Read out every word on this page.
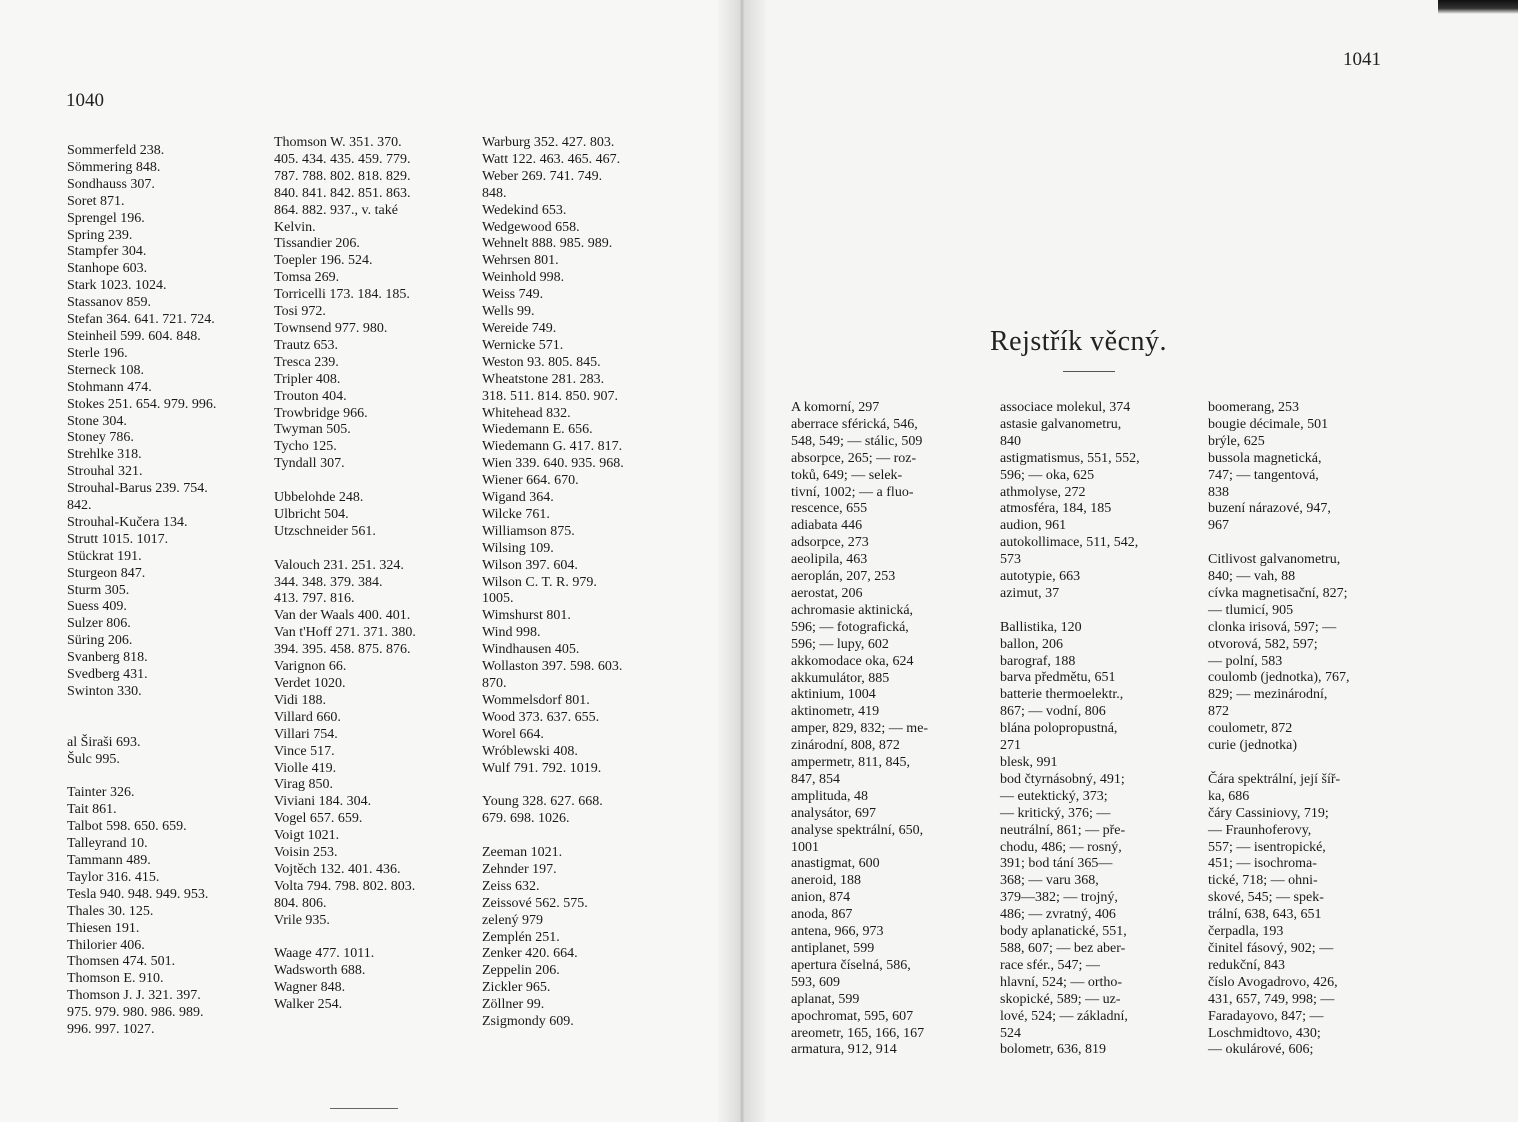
1040
1041
Sommerfeld 238.
Sömmering 848.
Sondhauss 307.
Soret 871.
Sprengel 196.
Spring 239.
Stampfer 304.
Stanhope 603.
Stark 1023. 1024.
Stassanov 859.
Stefan 364. 641. 721. 724.
Steinheil 599. 604. 848.
Sterle 196.
Sterneck 108.
Stohmann 474.
Stokes 251. 654. 979. 996.
Stone 304.
Stoney 786.
Strehlke 318.
Strouhal 321.
Strouhal-Barus 239. 754.
842.
Strouhal-Kučera 134.
Strutt 1015. 1017.
Stückrat 191.
Sturgeon 847.
Sturm 305.
Suess 409.
Sulzer 806.
Süring 206.
Svanberg 818.
Svedberg 431.
Swinton 330.
al Širaši 693.
Šulc 995.
Tainter 326.
Tait 861.
Talbot 598. 650. 659.
Talleyrand 10.
Tammann 489.
Taylor 316. 415.
Tesla 940. 948. 949. 953.
Thales 30. 125.
Thiesen 191.
Thilorier 406.
Thomsen 474. 501.
Thomson E. 910.
Thomson J. J. 321. 397.
975. 979. 980. 986. 989.
996. 997. 1027.
Thomson W. 351. 370.
405. 434. 435. 459. 779.
787. 788. 802. 818. 829.
840. 841. 842. 851. 863.
864. 882. 937., v. také
Kelvin.
Tissandier 206.
Toepler 196. 524.
Tomsa 269.
Torricelli 173. 184. 185.
Tosi 972.
Townsend 977. 980.
Trautz 653.
Tresca 239.
Tripler 408.
Trouton 404.
Trowbridge 966.
Twyman 505.
Tycho 125.
Tyndall 307.
Ubbelohde 248.
Ulbricht 504.
Utzschneider 561.
Valouch 231. 251. 324.
344. 348. 379. 384.
413. 797. 816.
Van der Waals 400. 401.
Van t'Hoff 271. 371. 380.
394. 395. 458. 875. 876.
Varignon 66.
Verdet 1020.
Vidi 188.
Villard 660.
Villari 754.
Vince 517.
Violle 419.
Virag 850.
Viviani 184. 304.
Vogel 657. 659.
Voigt 1021.
Voisin 253.
Vojtěch 132. 401. 436.
Volta 794. 798. 802. 803.
804. 806.
Vrile 935.
Waage 477. 1011.
Wadsworth 688.
Wagner 848.
Walker 254.
Warburg 352. 427. 803.
Watt 122. 463. 465. 467.
Weber 269. 741. 749.
848.
Wedekind 653.
Wedgewood 658.
Wehnelt 888. 985. 989.
Wehrsen 801.
Weinhold 998.
Weiss 749.
Wells 99.
Wereide 749.
Wernicke 571.
Weston 93. 805. 845.
Wheatstone 281. 283.
318. 511. 814. 850. 907.
Whitehead 832.
Wiedemann E. 656.
Wiedemann G. 417. 817.
Wien 339. 640. 935. 968.
Wiener 664. 670.
Wigand 364.
Wilcke 761.
Williamson 875.
Wilsing 109.
Wilson 397. 604.
Wilson C. T. R. 979.
1005.
Wimshurst 801.
Wind 998.
Windhausen 405.
Wollaston 397. 598. 603.
870.
Wommelsdorf 801.
Wood 373. 637. 655.
Worel 664.
Wróblewski 408.
Wulf 791. 792. 1019.
Young 328. 627. 668.
679. 698. 1026.
Zeeman 1021.
Zehnder 197.
Zeiss 632.
Zeissové 562. 575.
zelený 979
Zemplén 251.
Zenker 420. 664.
Zeppelin 206.
Zickler 965.
Zöllner 99.
Zsigmondy 609.
Rejstřík věcný.
A komorní, 297
aberrace sférická, 546,
548, 549; — stálic, 509
absorpce, 265; — roz-
toků, 649; — selek-
tivní, 1002; — a fluo-
rescence, 655
adiabata 446
adsorpce, 273
aeolipila, 463
aeroplán, 207, 253
aerostat, 206
achromasie aktinická,
596; — fotografická,
596; — lupy, 602
akkomodace oka, 624
akkumulátor, 885
aktinium, 1004
aktinometr, 419
amper, 829, 832; — me-
zinárodní, 808, 872
ampermetr, 811, 845,
847, 854
amplituda, 48
analysátor, 697
analyse spektrální, 650,
1001
anastigmat, 600
aneroid, 188
anion, 874
anoda, 867
antena, 966, 973
antiplanet, 599
apertura číselná, 586,
593, 609
aplanat, 599
apochromat, 595, 607
areometr, 165, 166, 167
armatura, 912, 914
associace molekul, 374
astasie galvanometru,
840
astigmatismus, 551, 552,
596; — oka, 625
athmolyse, 272
atmosféra, 184, 185
audion, 961
autokollimace, 511, 542,
573
autotypie, 663
azimut, 37
Ballistika, 120
ballon, 206
barograf, 188
barva předmětu, 651
batterie thermoelektr.,
867; — vodní, 806
blána polopropustná,
271
blesk, 991
bod čtyrnásobný, 491;
— eutektický, 373;
— kritický, 376; —
neutrální, 861; — pře-
chodu, 486; — rosný,
391; bod tání 365—
368; — varu 368,
379—382; — trojný,
486; — zvratný, 406
body aplanatické, 551,
588, 607; — bez aber-
race sfér., 547; —
hlavní, 524; — ortho-
skopické, 589; — uz-
lové, 524; — základní,
524
bolometr, 636, 819
boomerang, 253
bougie décimale, 501
brýle, 625
bussola magnetická,
747; — tangentová,
838
buzení nárazové, 947,
967
Citlivost galvanometru,
840; — vah, 88
cívka magnetisační, 827;
— tlumicí, 905
clonka irisová, 597; —
otvorová, 582, 597;
— polní, 583
coulomb (jednotka), 767,
829; — mezinárodní,
872
coulometr, 872
curie (jednotka)
Čára spektrální, její šíř-
ka, 686
čáry Cassiniovy, 719;
— Fraunhoferovy,
557; — isentropické,
451; — isochroma-
tické, 718; — ohni-
skové, 545; — spek-
trální, 638, 643, 651
čerpadla, 193
činitel fásový, 902; —
redukční, 843
číslo Avogadrovo, 426,
431, 657, 749, 998; —
Faradayovo, 847; —
Loschmidtovo, 430;
— okulárové, 606;
